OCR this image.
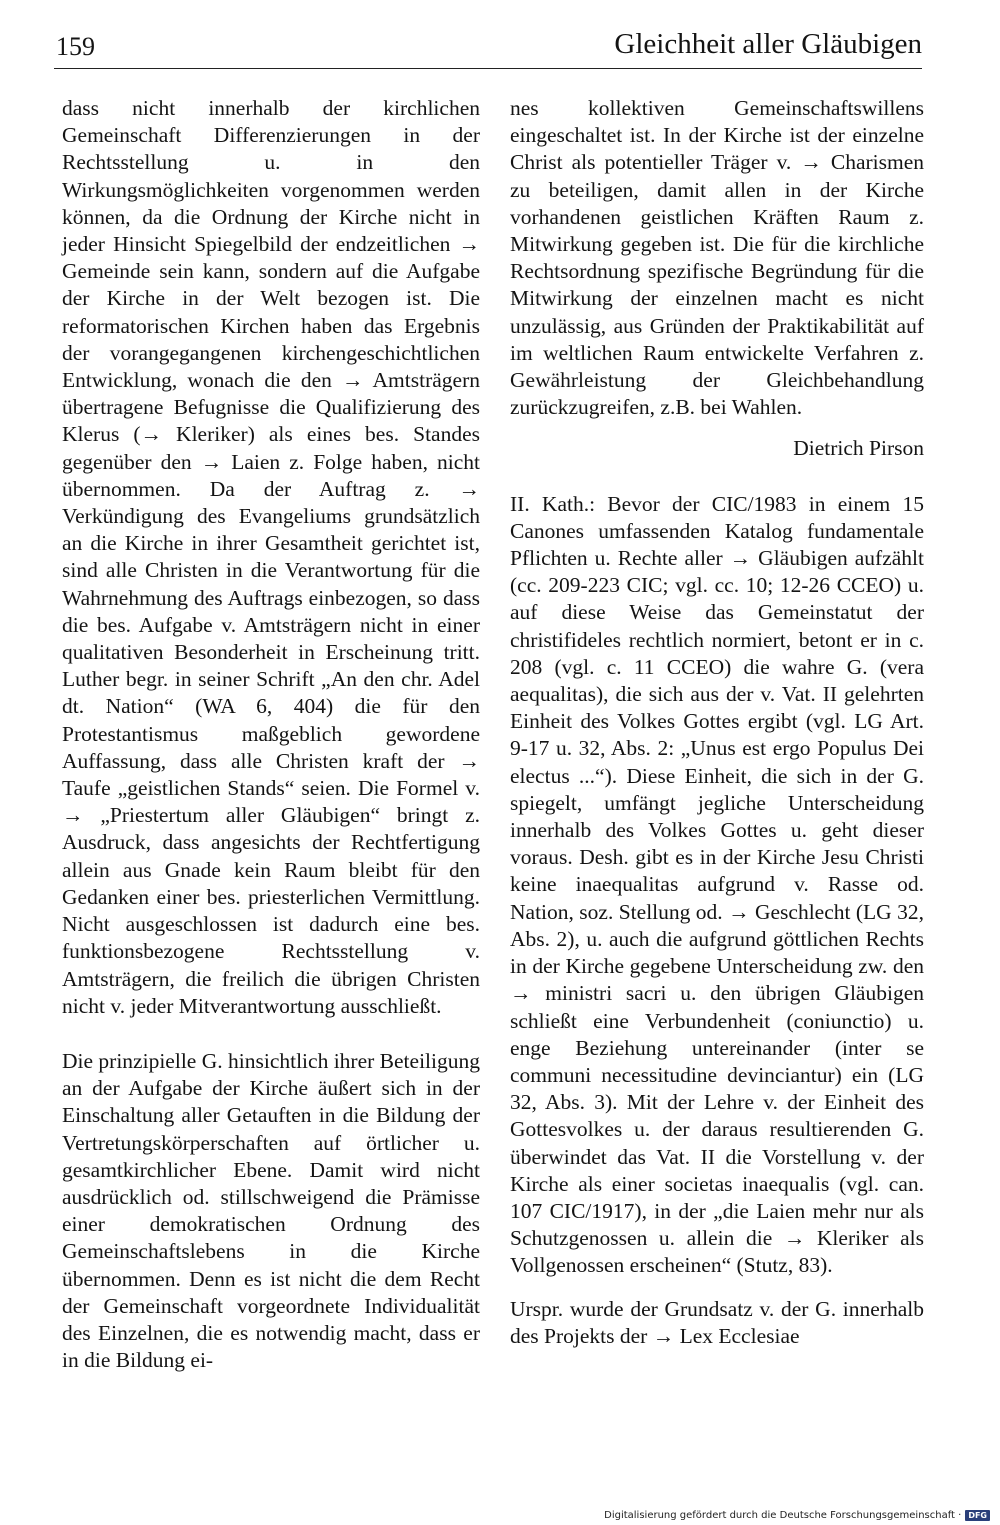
159	Gleichheit aller Gläubigen

dass nicht innerhalb der kirchlichen Gemeinschaft Differenzierungen in der Rechtsstellung u. in den Wirkungsmöglichkeiten vorgenommen werden können, da die Ordnung der Kirche nicht in jeder Hinsicht Spiegelbild der endzeitlichen → Gemeinde sein kann, sondern auf die Aufgabe der Kirche in der Welt bezogen ist. Die reformatorischen Kirchen haben das Ergebnis der vorangegangenen kirchengeschichtlichen Entwicklung, wonach die den → Amtsträgern übertragene Befugnisse die Qualifizierung des Klerus (→ Kleriker) als eines bes. Standes gegenüber den → Laien z. Folge haben, nicht übernommen. Da der Auftrag z. → Verkündigung des Evangeliums grundsätzlich an die Kirche in ihrer Gesamtheit gerichtet ist, sind alle Christen in die Verantwortung für die Wahrnehmung des Auftrags einbezogen, so dass die bes. Aufgabe v. Amtsträgern nicht in einer qualitativen Besonderheit in Erscheinung tritt. Luther begr. in seiner Schrift „An den chr. Adel dt. Nation“ (WA 6, 404) die für den Protestantismus maßgeblich gewordene Auffassung, dass alle Christen kraft der → Taufe „geistlichen Stands“ seien. Die Formel v. → „Priestertum aller Gläubigen“ bringt z. Ausdruck, dass angesichts der Rechtfertigung allein aus Gnade kein Raum bleibt für den Gedanken einer bes. priesterlichen Vermittlung. Nicht ausgeschlossen ist dadurch eine bes. funktionsbezogene Rechtsstellung v. Amtsträgern, die freilich die übrigen Christen nicht v. jeder Mitverantwortung ausschließt.

Die prinzipielle G. hinsichtlich ihrer Beteiligung an der Aufgabe der Kirche äußert sich in der Einschaltung aller Getauften in die Bildung der Vertretungskörperschaften auf örtlicher u. gesamtkirchlicher Ebene. Damit wird nicht ausdrücklich od. stillschweigend die Prämisse einer demokratischen Ordnung des Gemeinschaftslebens in die Kirche übernommen. Denn es ist nicht die dem Recht der Gemeinschaft vorgeordnete Individualität des Einzelnen, die es notwendig macht, dass er in die Bildung ei-

nes kollektiven Gemeinschaftswillens eingeschaltet ist. In der Kirche ist der einzelne Christ als potentieller Träger v. → Charismen zu beteiligen, damit allen in der Kirche vorhandenen geistlichen Kräften Raum z. Mitwirkung gegeben ist. Die für die kirchliche Rechtsordnung spezifische Begründung für die Mitwirkung der einzelnen macht es nicht unzulässig, aus Gründen der Praktikabilität auf im weltlichen Raum entwickelte Verfahren z. Gewährleistung der Gleichbehandlung zurückzugreifen, z.B. bei Wahlen.

Dietrich Pirson

II. Kath.: Bevor der CIC/1983 in einem 15 Canones umfassenden Katalog fundamentale Pflichten u. Rechte aller → Gläubigen aufzählt (cc. 209-223 CIC; vgl. cc. 10; 12-26 CCEO) u. auf diese Weise das Gemeinstatut der christifideles rechtlich normiert, betont er in c. 208 (vgl. c. 11 CCEO) die wahre G. (vera aequalitas), die sich aus der v. Vat. II gelehrten Einheit des Volkes Gottes ergibt (vgl. LG Art. 9-17 u. 32, Abs. 2: „Unus est ergo Populus Dei electus ...“). Diese Einheit, die sich in der G. spiegelt, umfängt jegliche Unterscheidung innerhalb des Volkes Gottes u. geht dieser voraus. Desh. gibt es in der Kirche Jesu Christi keine inaequalitas aufgrund v. Rasse od. Nation, soz. Stellung od. → Geschlecht (LG 32, Abs. 2), u. auch die aufgrund göttlichen Rechts in der Kirche gegebene Unterscheidung zw. den → ministri sacri u. den übrigen Gläubigen schließt eine Verbundenheit (coniunctio) u. enge Beziehung untereinander (inter se communi necessitudine devinciantur) ein (LG 32, Abs. 3). Mit der Lehre v. der Einheit des Gottesvolkes u. der daraus resultierenden G. überwindet das Vat. II die Vorstellung v. der Kirche als einer societas inaequalis (vgl. can. 107 CIC/1917), in der „die Laien mehr nur als Schutzgenossen u. allein die → Kleriker als Vollgenossen erscheinen“ (Stutz, 83).

Urspr. wurde der Grundsatz v. der G. innerhalb des Projekts der → Lex Ecclesiae

Digitalisierung gefördert durch die Deutsche Forschungsgemeinschaft · DFG
